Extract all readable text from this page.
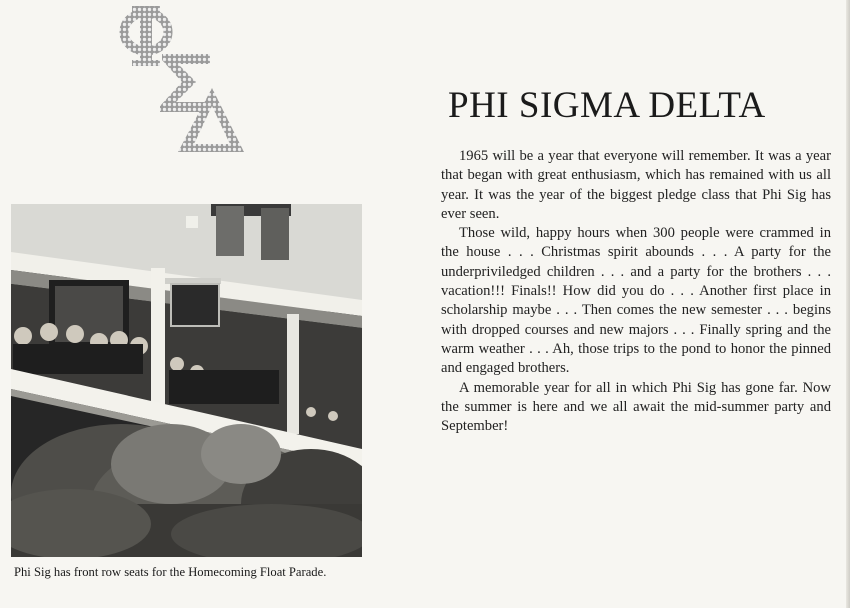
Phi Sig has front row seats for the Homecoming Float Parade.
PHI SIGMA DELTA

1965 will be a year that everyone will remember. It was a year that began with great enthusiasm, which has remained with us all year. It was the year of the biggest pledge class that Phi Sig has ever seen.

Those wild, happy hours when 300 people were crammed in the house . . . Christmas spirit abounds . . . A party for the underpriviledged children . . . and a party for the brothers . . . vacation!!! Finals!! How did you do . . . Another first place in scholarship maybe . . . Then comes the new semester . . . begins with dropped courses and new majors . . . Finally spring and the warm weather . . . Ah, those trips to the pond to honor the pinned and engaged brothers.

A memorable year for all in which Phi Sig has gone far. Now the summer is here and we all await the mid-summer party and September!
